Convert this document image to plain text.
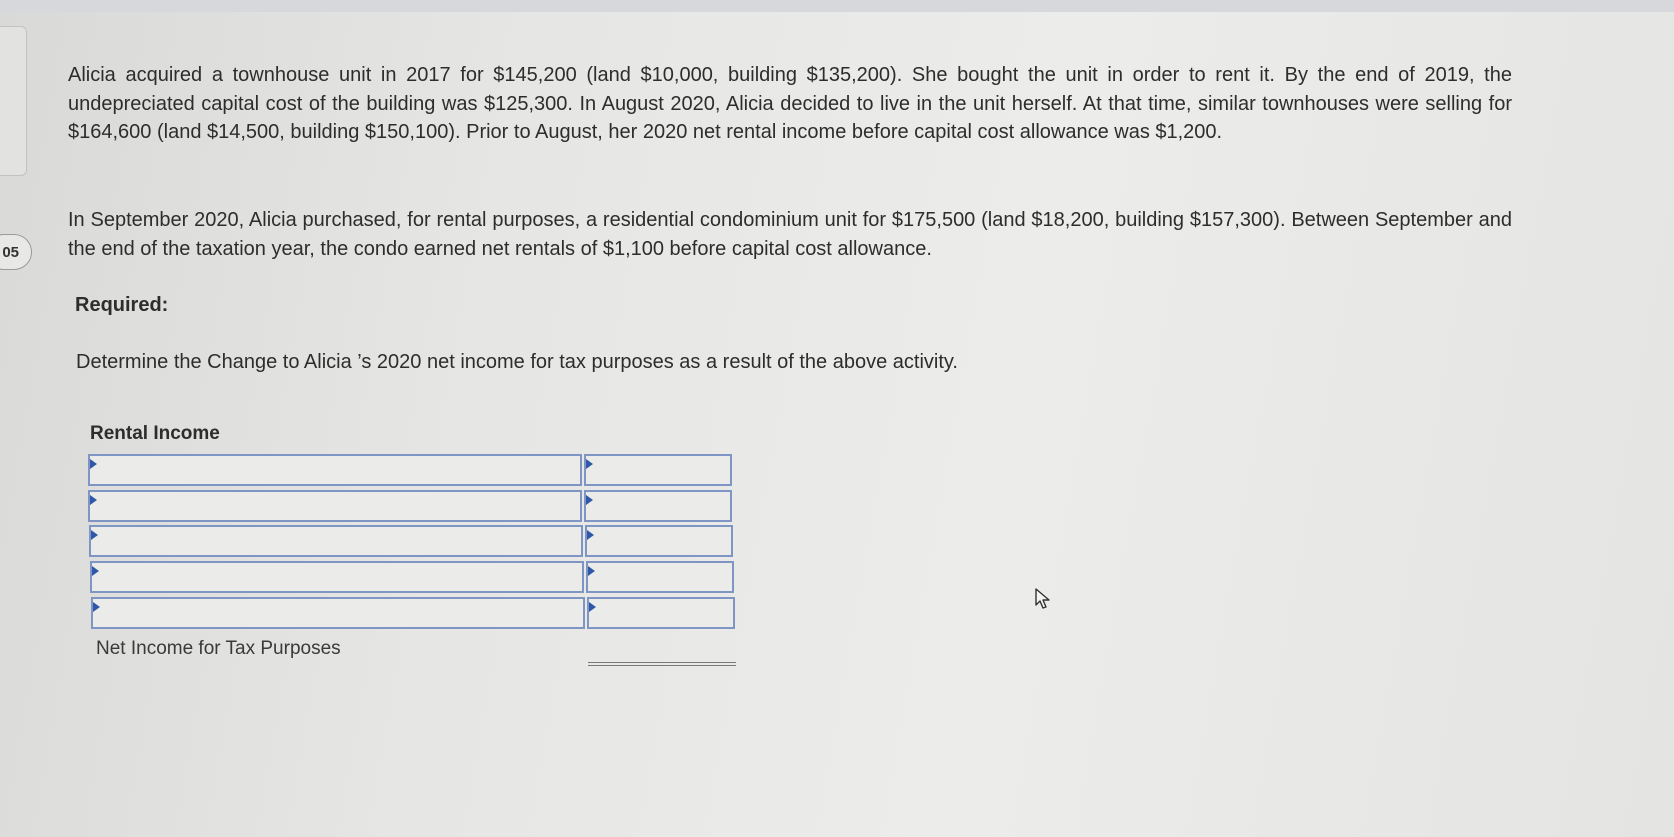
05

Alicia acquired a townhouse unit in 2017 for $145,200 (land $10,000, building $135,200). She bought the unit in order to rent it. By the end of 2019, the undepreciated capital cost of the building was $125,300. In August 2020, Alicia decided to live in the unit herself. At that time, similar townhouses were selling for $164,600 (land $14,500, building $150,100). Prior to August, her 2020 net rental income before capital cost allowance was $1,200.

In September 2020, Alicia purchased, for rental purposes, a residential condominium unit for $175,500 (land $18,200, building $157,300). Between September and the end of the taxation year, the condo earned net rentals of $1,100 before capital cost allowance.

Required:

Determine the Change to Alicia ’s 2020 net income for tax purposes as a result of the above activity.

Rental Income

Net Income for Tax Purposes
